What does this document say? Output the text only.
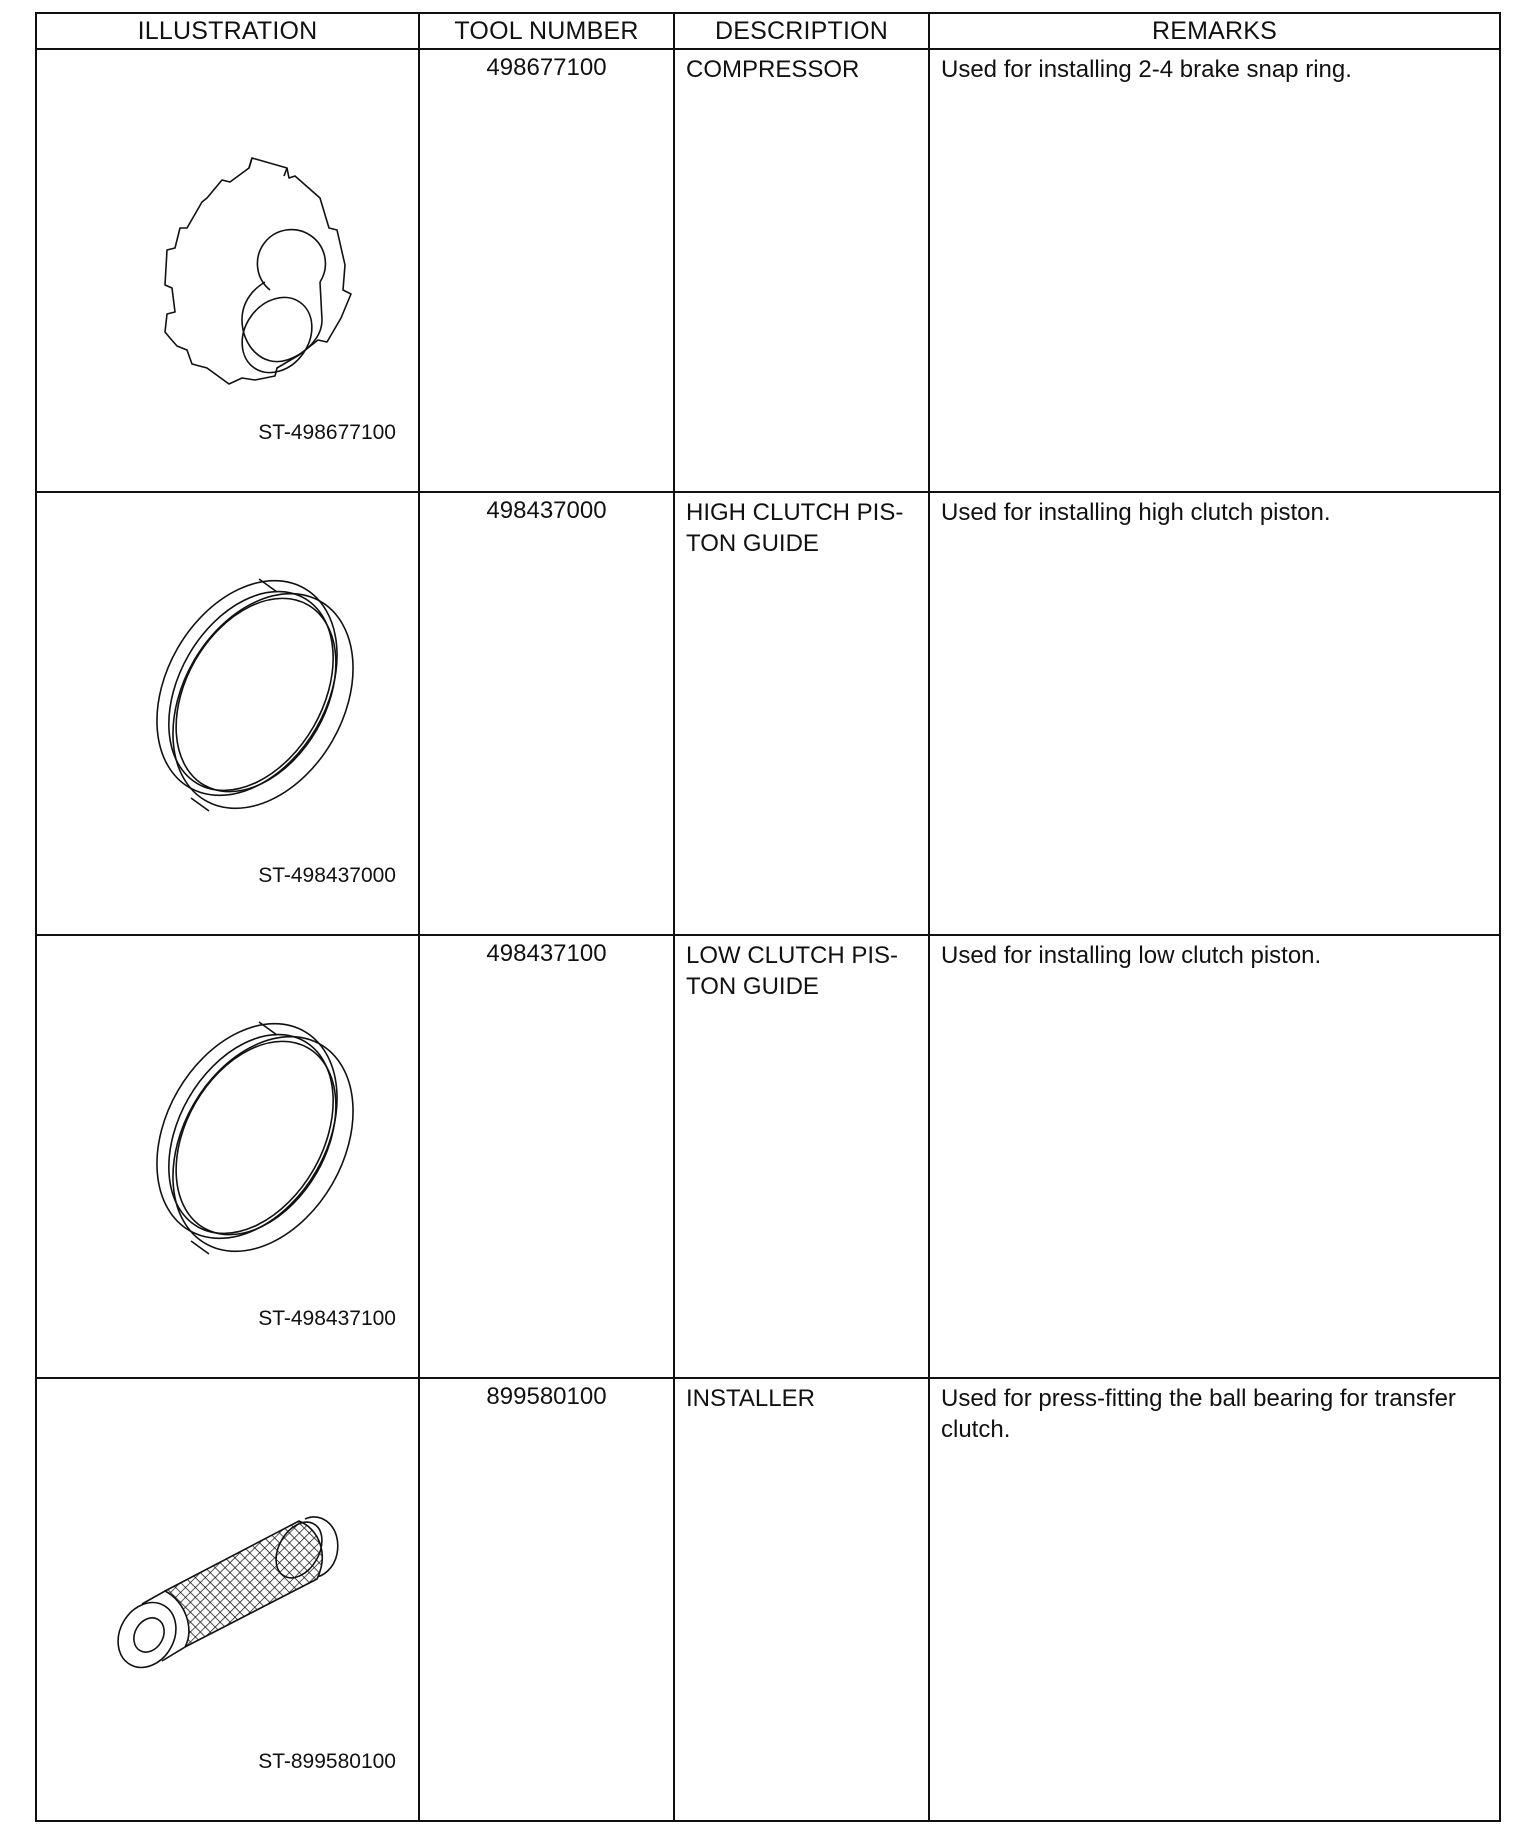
ILLUSTRATION	TOOL NUMBER	DESCRIPTION	REMARKS

ST-498677100	498677100	COMPRESSOR	Used for installing 2-4 brake snap ring.

ST-498437000	498437000	HIGH CLUTCH PIS-
TON GUIDE	Used for installing high clutch piston.

ST-498437100	498437100	LOW CLUTCH PIS-
TON GUIDE	Used for installing low clutch piston.

ST-899580100	899580100	INSTALLER	Used for press-fitting the ball bearing for transfer clutch.
